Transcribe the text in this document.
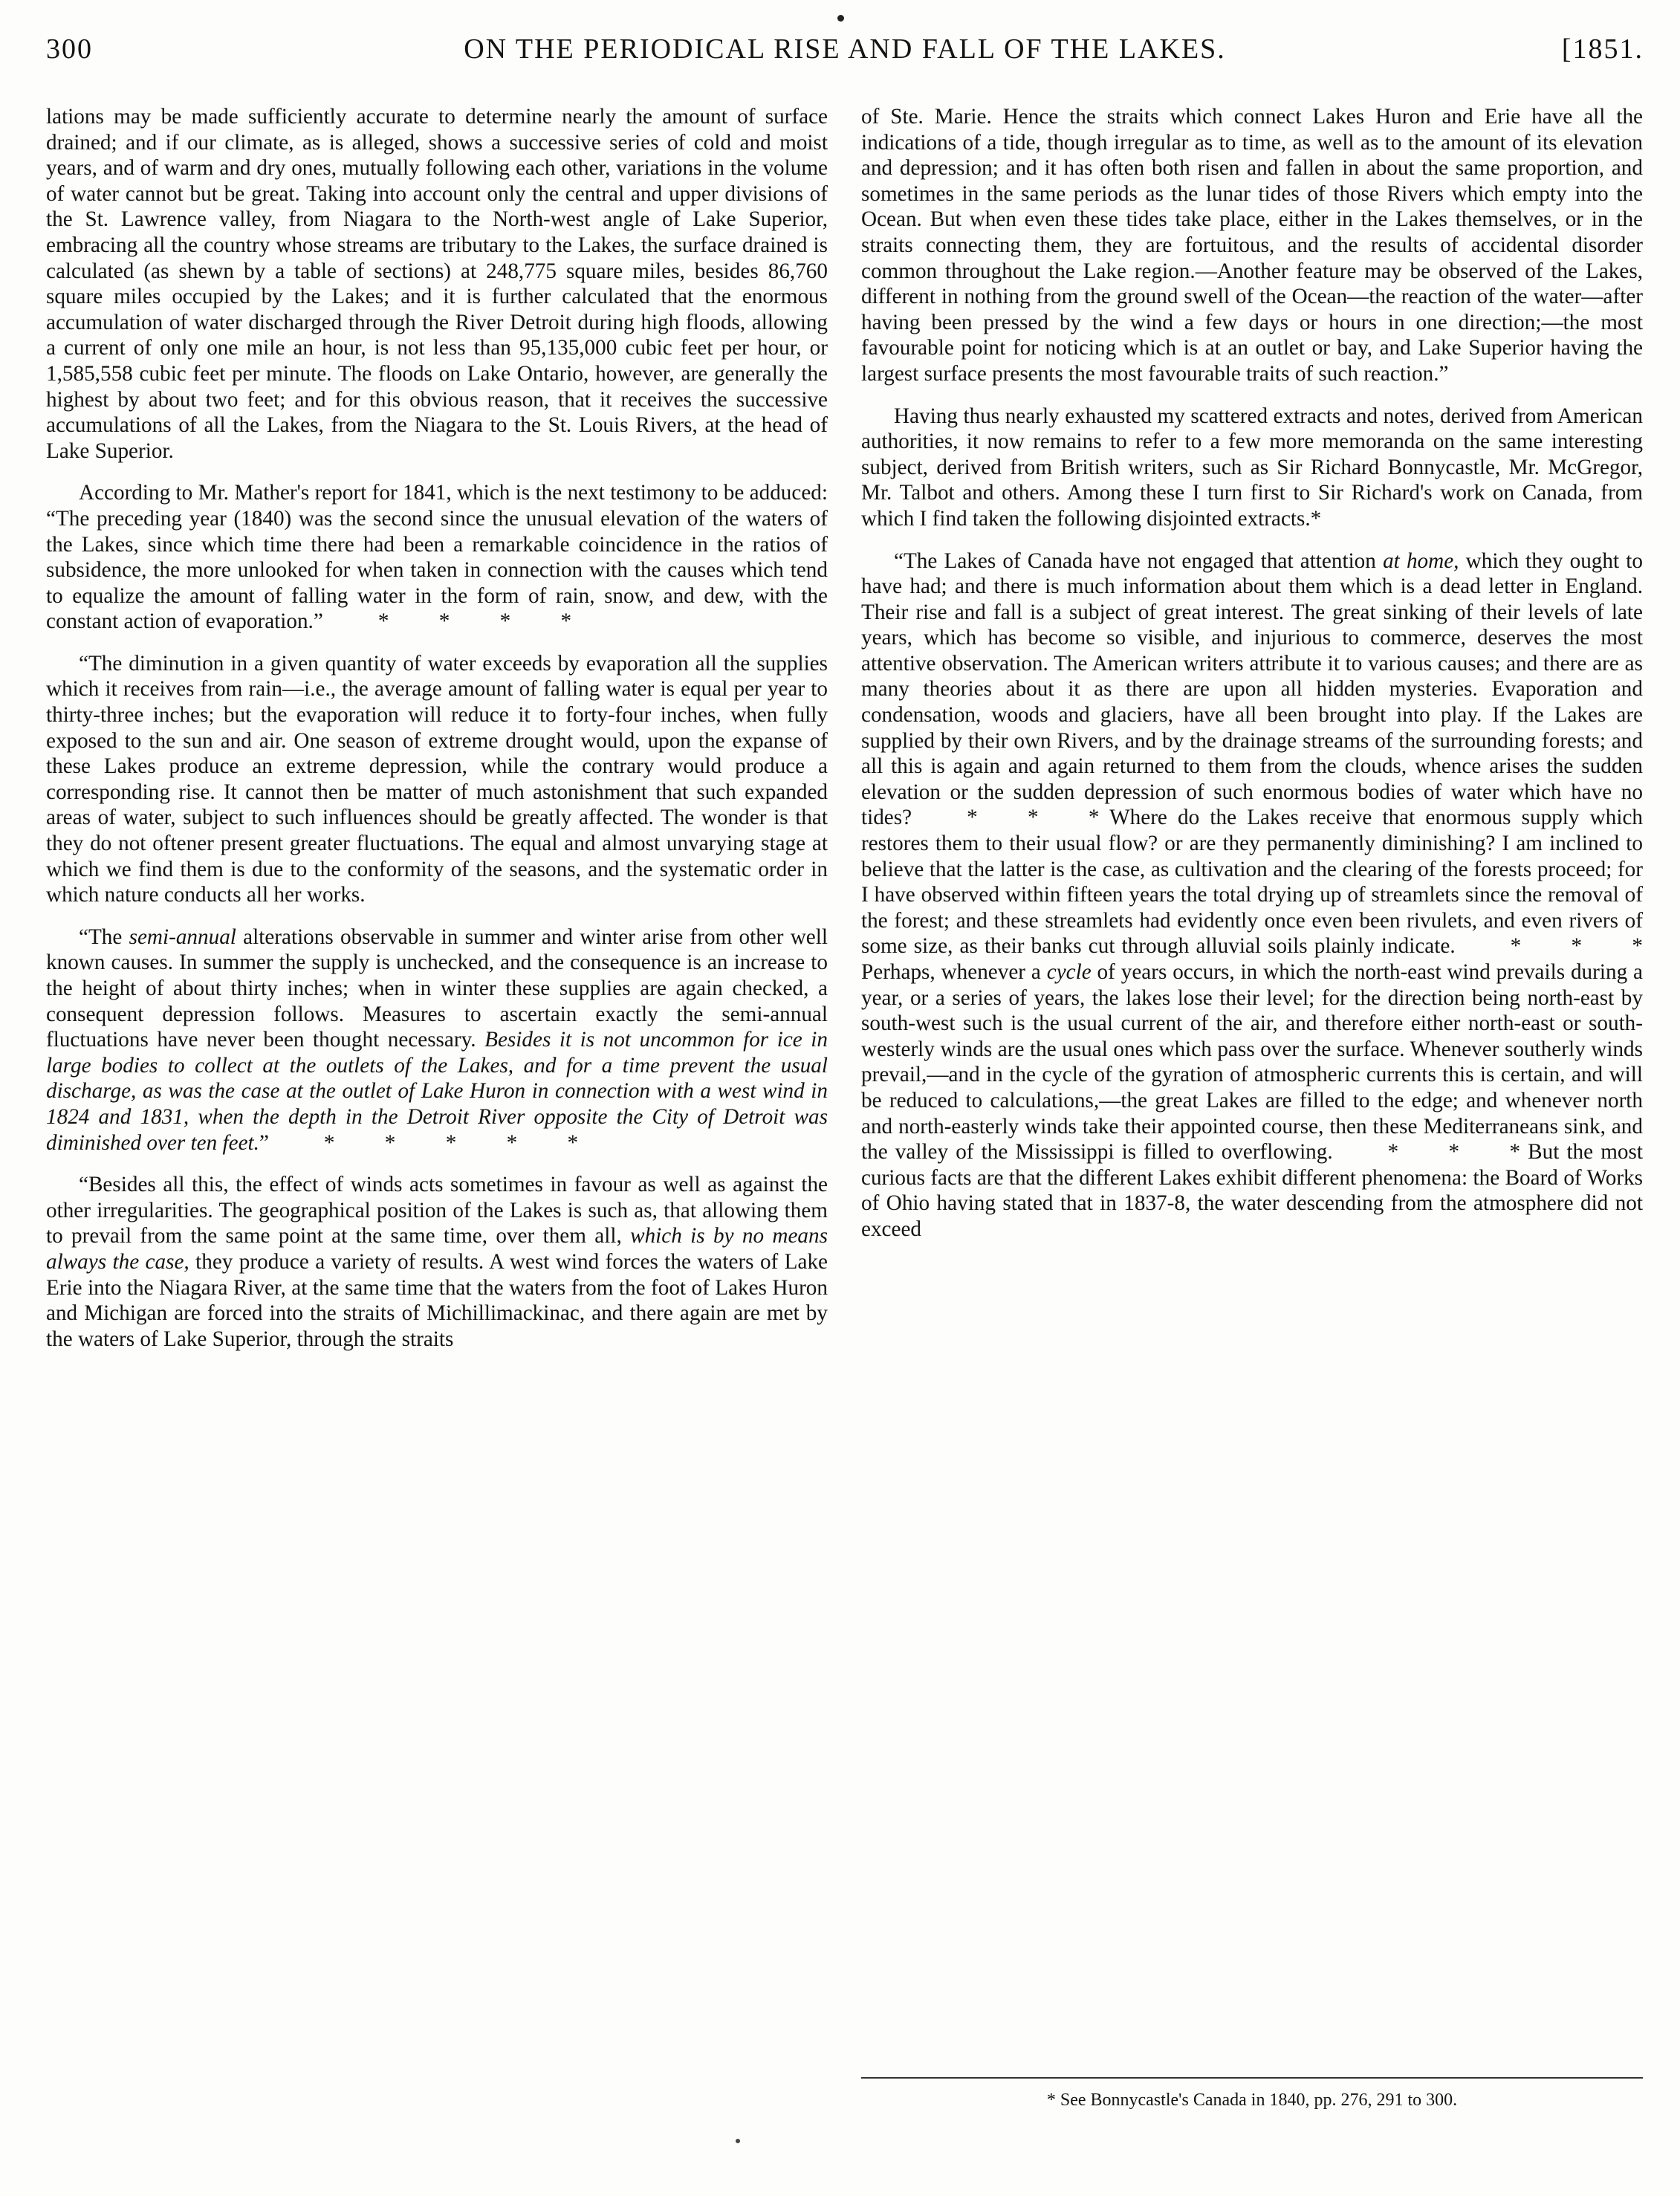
300	ON THE PERIODICAL RISE AND FALL OF THE LAKES.	[1851.

lations may be made sufficiently accurate to determine nearly the amount of surface drained; and if our climate, as is alleged, shows a successive series of cold and moist years, and of warm and dry ones, mutually following each other, variations in the volume of water cannot but be great. Taking into account only the central and upper divisions of the St. Lawrence valley, from Niagara to the North-west angle of Lake Superior, embracing all the country whose streams are tributary to the Lakes, the surface drained is calculated (as shewn by a table of sections) at 248,775 square miles, besides 86,760 square miles occupied by the Lakes; and it is further calculated that the enormous accumulation of water discharged through the River Detroit during high floods, allowing a current of only one mile an hour, is not less than 95,135,000 cubic feet per hour, or 1,585,558 cubic feet per minute. The floods on Lake Ontario, however, are generally the highest by about two feet; and for this obvious reason, that it receives the successive accumulations of all the Lakes, from the Niagara to the St. Louis Rivers, at the head of Lake Superior.

According to Mr. Mather's report for 1841, which is the next testimony to be adduced: “The preceding year (1840) was the second since the unusual elevation of the waters of the Lakes, since which time there had been a remarkable coincidence in the ratios of subsidence, the more unlooked for when taken in connection with the causes which tend to equalize the amount of falling water in the form of rain, snow, and dew, with the constant action of evaporation.”	* * * *

“The diminution in a given quantity of water exceeds by evaporation all the supplies which it receives from rain—i.e., the average amount of falling water is equal per year to thirty-three inches; but the evaporation will reduce it to forty-four inches, when fully exposed to the sun and air. One season of extreme drought would, upon the expanse of these Lakes produce an extreme depression, while the contrary would produce a corresponding rise. It cannot then be matter of much astonishment that such expanded areas of water, subject to such influences should be greatly affected. The wonder is that they do not oftener present greater fluctuations. The equal and almost unvarying stage at which we find them is due to the conformity of the seasons, and the systematic order in which nature conducts all her works.

“The semi-annual alterations observable in summer and winter arise from other well known causes. In summer the supply is unchecked, and the consequence is an increase to the height of about thirty inches; when in winter these supplies are again checked, a consequent depression follows. Measures to ascertain exactly the semi-annual fluctuations have never been thought necessary. Besides it is not uncommon for ice in large bodies to collect at the outlets of the Lakes, and for a time prevent the usual discharge, as was the case at the outlet of Lake Huron in connection with a west wind in 1824 and 1831, when the depth in the Detroit River opposite the City of Detroit was diminished over ten feet.”	* * * * *

“Besides all this, the effect of winds acts sometimes in favour as well as against the other irregularities. The geographical position of the Lakes is such as, that allowing them to prevail from the same point at the same time, over them all, which is by no means always the case, they produce a variety of results. A west wind forces the waters of Lake Erie into the Niagara River, at the same time that the waters from the foot of Lakes Huron and Michigan are forced into the straits of Michillimackinac, and there again are met by the waters of Lake Superior, through the straits

of Ste. Marie. Hence the straits which connect Lakes Huron and Erie have all the indications of a tide, though irregular as to time, as well as to the amount of its elevation and depression; and it has often both risen and fallen in about the same proportion, and sometimes in the same periods as the lunar tides of those Rivers which empty into the Ocean. But when even these tides take place, either in the Lakes themselves, or in the straits connecting them, they are fortuitous, and the results of accidental disorder common throughout the Lake region.—Another feature may be observed of the Lakes, different in nothing from the ground swell of the Ocean—the reaction of the water—after having been pressed by the wind a few days or hours in one direction;—the most favourable point for noticing which is at an outlet or bay, and Lake Superior having the largest surface presents the most favourable traits of such reaction.”

Having thus nearly exhausted my scattered extracts and notes, derived from American authorities, it now remains to refer to a few more memoranda on the same interesting subject, derived from British writers, such as Sir Richard Bonnycastle, Mr. McGregor, Mr. Talbot and others. Among these I turn first to Sir Richard's work on Canada, from which I find taken the following disjointed extracts.*

“The Lakes of Canada have not engaged that attention at home, which they ought to have had; and there is much information about them which is a dead letter in England. Their rise and fall is a subject of great interest. The great sinking of their levels of late years, which has become so visible, and injurious to commerce, deserves the most attentive observation. The American writers attribute it to various causes; and there are as many theories about it as there are upon all hidden mysteries. Evaporation and condensation, woods and glaciers, have all been brought into play. If the Lakes are supplied by their own Rivers, and by the drainage streams of the surrounding forests; and all this is again and again returned to them from the clouds, whence arises the sudden elevation or the sudden depression of such enormous bodies of water which have no tides?	* * * Where do the Lakes receive that enormous supply which restores them to their usual flow? or are they permanently diminishing? I am inclined to believe that the latter is the case, as cultivation and the clearing of the forests proceed; for I have observed within fifteen years the total drying up of streamlets since the removal of the forest; and these streamlets had evidently once even been rivulets, and even rivers of some size, as their banks cut through alluvial soils plainly indicate.	* * * Perhaps, whenever a cycle of years occurs, in which the north-east wind prevails during a year, or a series of years, the lakes lose their level; for the direction being north-east by south-west such is the usual current of the air, and therefore either north-east or south-westerly winds are the usual ones which pass over the surface. Whenever southerly winds prevail,—and in the cycle of the gyration of atmospheric currents this is certain, and will be reduced to calculations,—the great Lakes are filled to the edge; and whenever north and north-easterly winds take their appointed course, then these Mediterraneans sink, and the valley of the Mississippi is filled to overflowing.	* * * But the most curious facts are that the different Lakes exhibit different phenomena: the Board of Works of Ohio having stated that in 1837-8, the water descending from the atmosphere did not exceed

* See Bonnycastle's Canada in 1840, pp. 276, 291 to 300.
